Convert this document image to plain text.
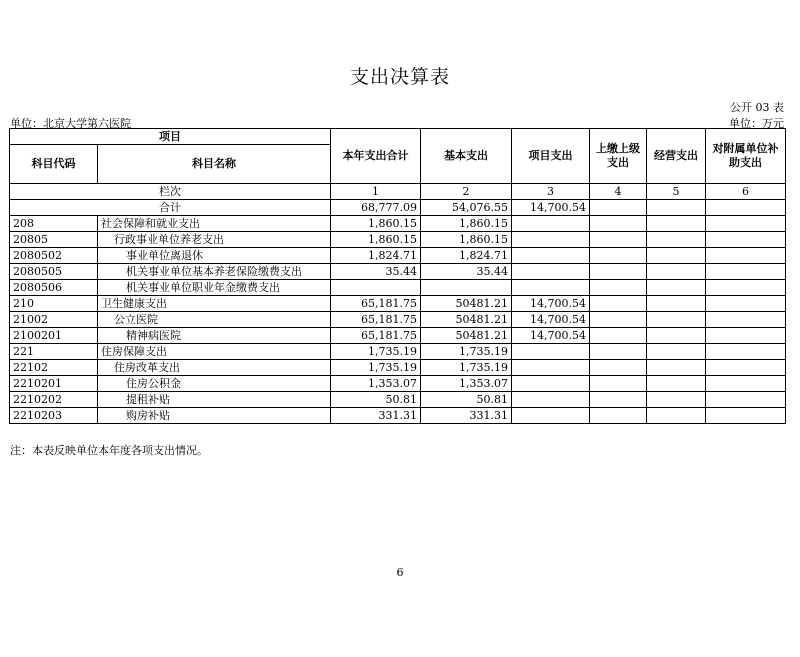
支出决算表
公开 03 表
单位：北京大学第六医院	单位：万元
项目		本年支出合计	基本支出	项目支出	上缴上级支出	经营支出	对附属单位补助支出
科目代码	科目名称						
栏次		1	2	3	4	5	6
合计		68,777.09	54,076.55	14,700.54			
208	社会保障和就业支出	1,860.15	1,860.15				
20805	行政事业单位养老支出	1,860.15	1,860.15				
2080502	事业单位离退休	1,824.71	1,824.71				
2080505	机关事业单位基本养老保险缴费支出	35.44	35.44				
2080506	机关事业单位职业年金缴费支出						
210	卫生健康支出	65,181.75	50481.21	14,700.54			
21002	公立医院	65,181.75	50481.21	14,700.54			
2100201	精神病医院	65,181.75	50481.21	14,700.54			
221	住房保障支出	1,735.19	1,735.19				
22102	住房改革支出	1,735.19	1,735.19				
2210201	住房公积金	1,353.07	1,353.07				
2210202	提租补贴	50.81	50.81				
2210203	购房补贴	331.31	331.31				
注：本表反映单位本年度各项支出情况。
6
